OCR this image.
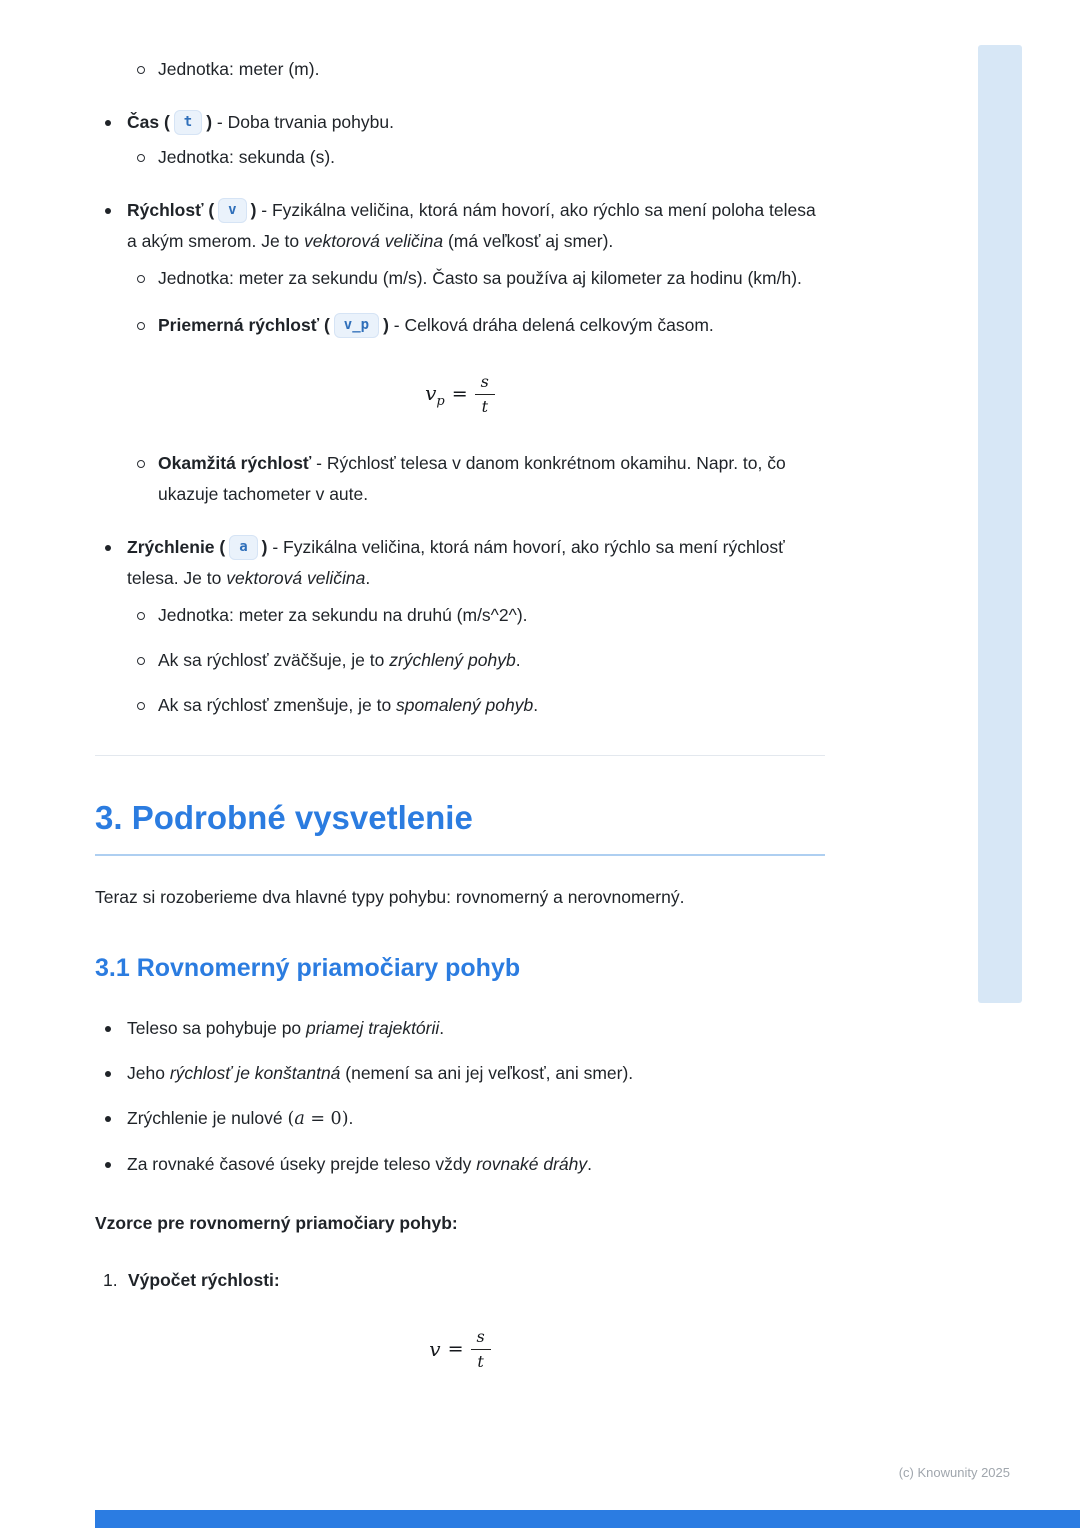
Jednotka: meter (m).
Čas ( t ) - Doba trvania pohybu.
Jednotka: sekunda (s).
Rýchlosť ( v ) - Fyzikálna veličina, ktorá nám hovorí, ako rýchlo sa mení poloha telesa a akým smerom. Je to vektorová veličina (má veľkosť aj smer).
Jednotka: meter za sekundu (m/s). Často sa používa aj kilometer za hodinu (km/h).
Priemerná rýchlosť ( v_p ) - Celková dráha delená celkovým časom.
v $p = \frac{s}{t}$
Okamžitá rýchlosť - Rýchlosť telesa v danom konkrétnom okamihu. Napr. to, čo ukazuje tachometer v aute.
Zrýchlenie ( a ) - Fyzikálna veličina, ktorá nám hovorí, ako rýchlo sa mení rýchlosť telesa. Je to vektorová veličina.
Jednotka: meter za sekundu na druhú (m/s^2^).
Ak sa rýchlosť zväčšuje, je to zrýchlený pohyb.
Ak sa rýchlosť zmenšuje, je to spomalený pohyb.
3. Podrobné vysvetlenie

Teraz si rozoberieme dva hlavné typy pohybu: rovnomerný a nerovnomerný.

3.1 Rovnomerný priamočiary pohyb
Teleso sa pohybuje po priamej trajektórii.
Jeho rýchlosť je konštantná (nemení sa ani jej veľkosť, ani smer).
Zrýchlenie je nulové (a = 0).
Za rovnaké časové úseky prejde teleso vždy rovnaké dráhy.

Vzorce pre rovnomerný priamočiary pohyb:

1. Výpočet rýchlosti:
$v = \frac{s}{t}$
(c) Knowunity 2025
